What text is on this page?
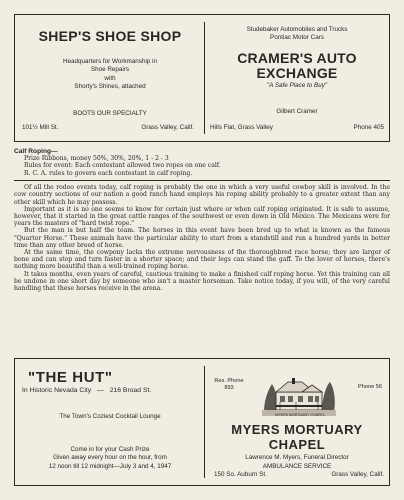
SHEP'S SHOE SHOP
Headquarters for Workmanship in
Shoe Repairs
with
Shorty's Shines, attached
BOOTS OUR SPECIALTY
101½ Mill St.	Grass Valley, Calif.
Studebaker Automobiles and Trucks
Pontiac Motor Cars
CRAMER'S AUTO
EXCHANGE
"A Safe Place to Buy"
Gilbert Cramer
Hills Flat, Grass Valley	Phone 405

Calf Roping—

Prize Ribbons, money 50%, 30%, 20%, 1 - 2 - 3

Rules for event: Each contestant allowed two ropes on one calf.

R. C. A. rules to govern each contestant in calf roping.

Of all the rodeo events today, calf roping is probably the one in which a very useful cowboy skill is involved. In the cow country sections of our nation a good ranch hand employs his roping ability probably to a greater extent than any other skill which he may possess.

Important as it is no one seems to know for certain just where or when calf roping originated. It is safe to assume, however, that it started in the great cattle ranges of the southwest or even down in Old Mexico. The Mexicans were for years the masters of "hard twist rope."

But the man is but half the team. The horses in this event have been bred up to what is known as the famous "Quarter Horse." These animals have the particular ability to start from a standstill and run a hundred yards in better time than any other breed of horse.

At the same time, the cowpony lacks the extreme nervousness of the thoroughbred race horse; they are larger of bone and can stop and turn faster in a shorter space; and their legs can stand the gaff. To the lover of horses, there's nothing more beautiful than a well-trained roping horse.

It takes months, even years of careful, cautious training to make a finished calf roping horse. Yet this training can all be undone in one short day by someone who isn't a master horseman. Take notice today, if you will, of the very careful handling that these horses receive in the arena.

"THE HUT"
In Historic Nevada City — 216 Broad St.
The Town's Coziest Cocktail Lounge
Come in for your Cash Prize
Given away every hour on the hour, from
12 noon till 12 midnight—July 3 and 4, 1947
Res. Phone
893	Phone 56
MYERS MORTUARY
CHAPEL
Lawrence M. Myers, Funeral Director
AMBULANCE SERVICE
150 So. Auburn St.	Grass Valley, Calif.
MYERS MORTUARY CHAPEL
